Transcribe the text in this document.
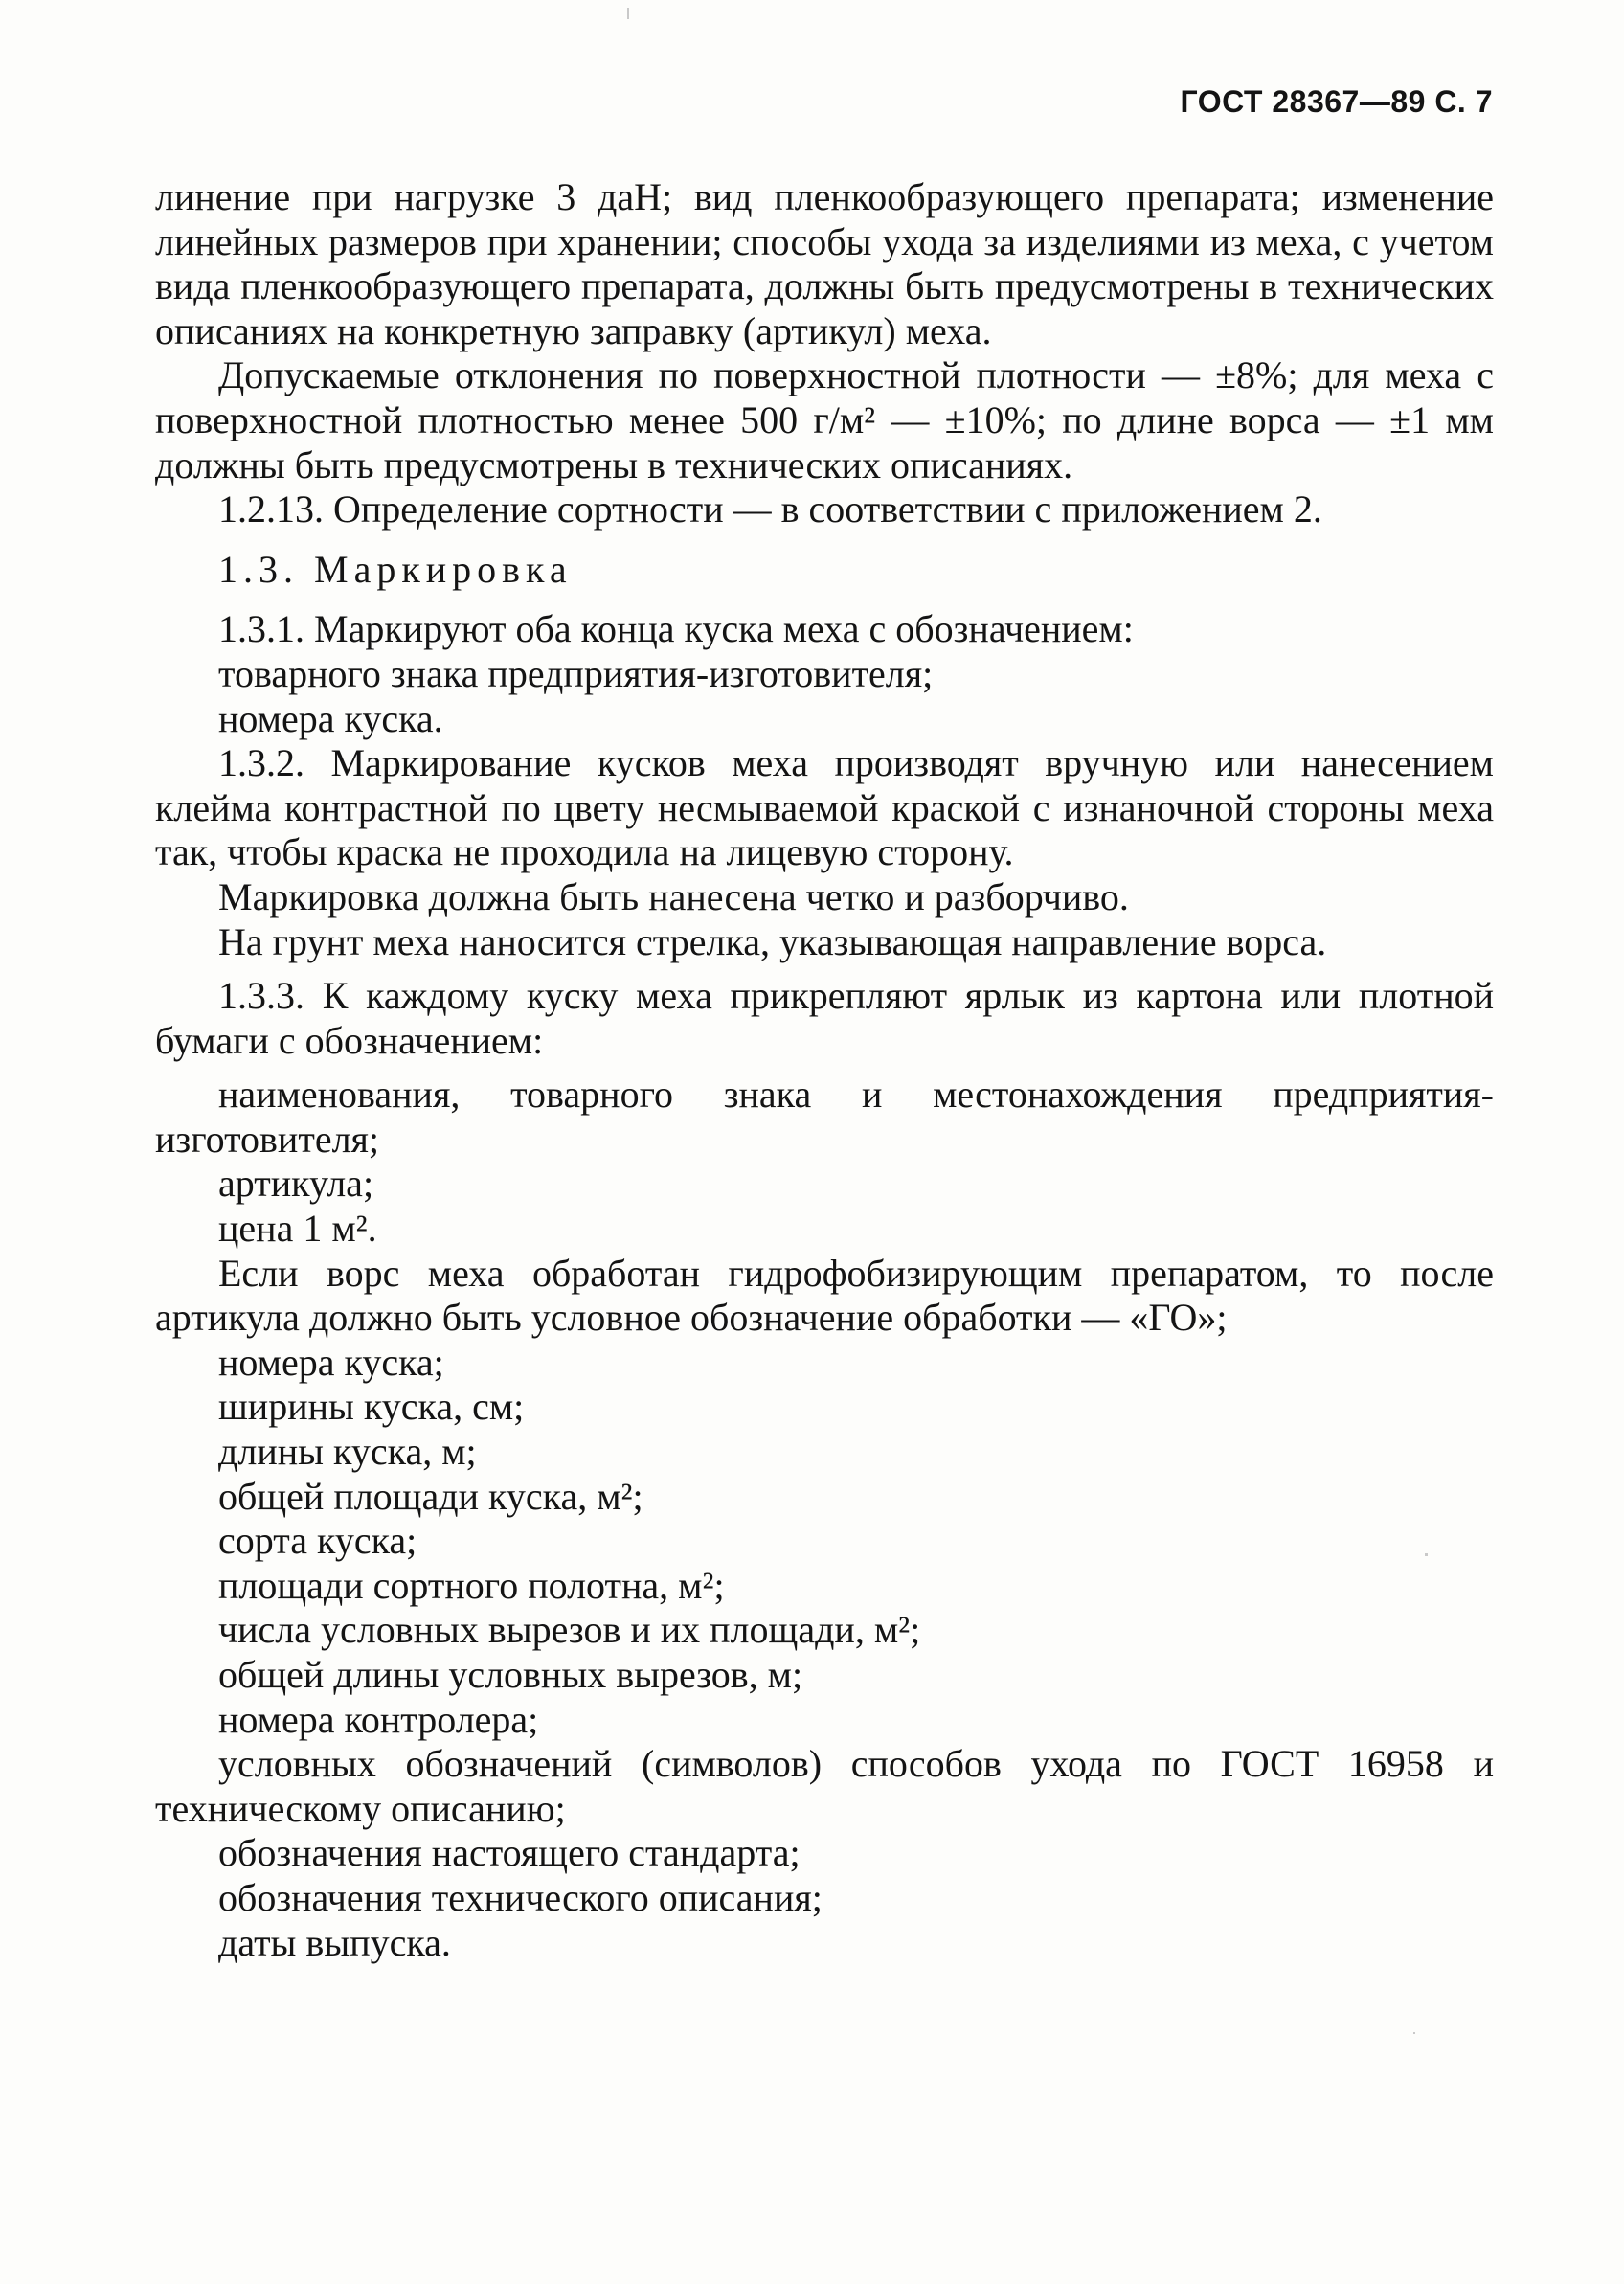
ГОСТ 28367—89 С. 7

линение при нагрузке 3 даН; вид пленкообразующего препарата; изменение линейных размеров при хранении; способы ухода за изделиями из меха, с учетом вида пленкообразующего препарата, должны быть предусмотрены в технических описаниях на конкретную заправку (артикул) меха.

Допускаемые отклонения по поверхностной плотности — ±8%; для меха с поверхностной плотностью менее 500 г/м² — ±10%; по длине ворса — ±1 мм должны быть предусмотрены в технических описаниях.

1.2.13. Определение сортности — в соответствии с приложением 2.

1.3. Маркировка

1.3.1. Маркируют оба конца куска меха с обозначением:

товарного знака предприятия-изготовителя;

номера куска.

1.3.2. Маркирование кусков меха производят вручную или нанесением клейма контрастной по цвету несмываемой краской с изнаночной стороны меха так, чтобы краска не проходила на лицевую сторону.

Маркировка должна быть нанесена четко и разборчиво.

На грунт меха наносится стрелка, указывающая направление ворса.

1.3.3. К каждому куску меха прикрепляют ярлык из картона или плотной бумаги с обозначением:

наименования, товарного знака и местонахождения предприятия-изготовителя;

артикула;

цена 1 м².

Если ворс меха обработан гидрофобизирующим препаратом, то после артикула должно быть условное обозначение обработки — «ГО»;

номера куска;

ширины куска, см;

длины куска, м;

общей площади куска, м²;

сорта куска;

площади сортного полотна, м²;

числа условных вырезов и их площади, м²;

общей длины условных вырезов, м;

номера контролера;

условных обозначений (символов) способов ухода по ГОСТ 16958 и техническому описанию;

обозначения настоящего стандарта;

обозначения технического описания;

даты выпуска.
